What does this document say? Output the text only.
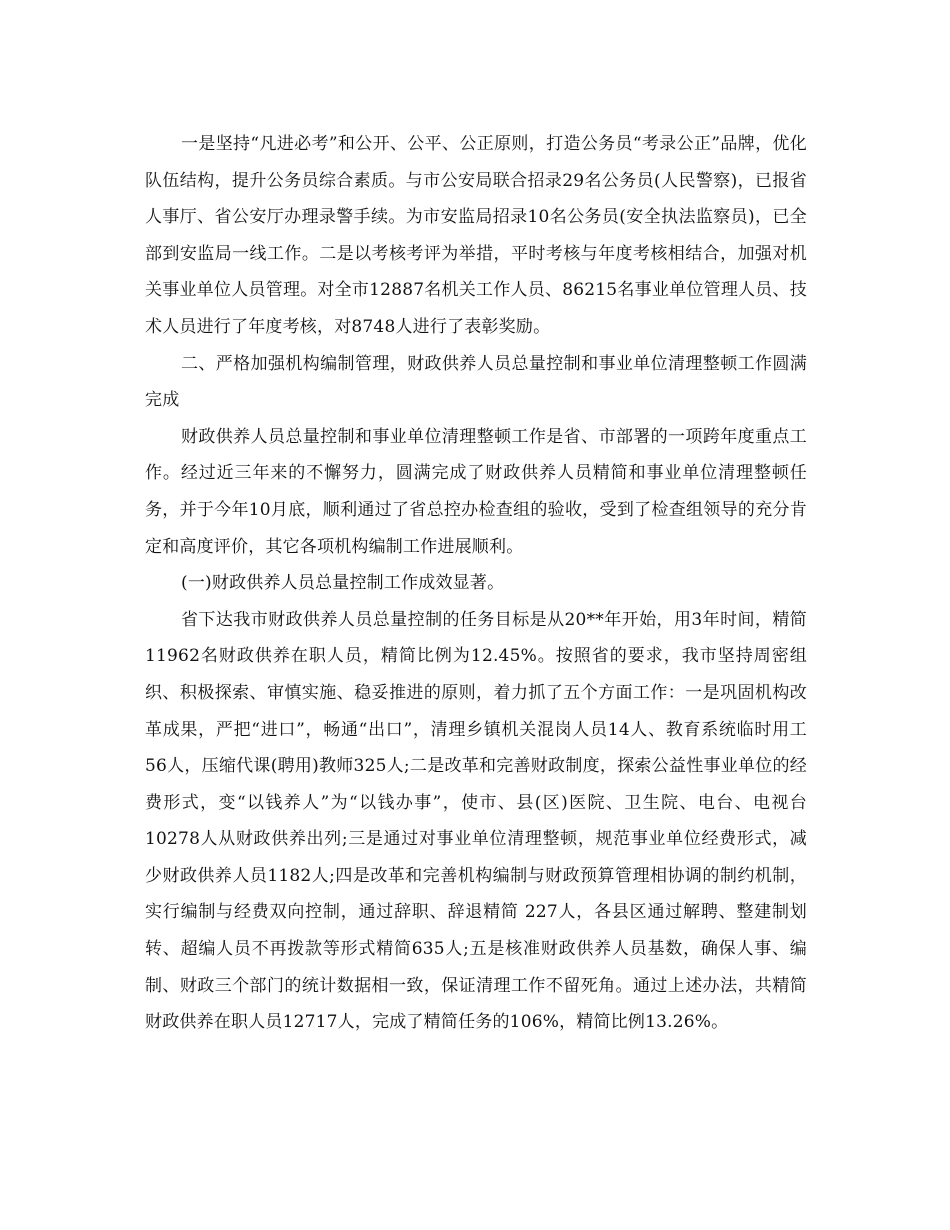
一是坚持“凡进必考”和公开、公平、公正原则，打造公务员“考录公正”品牌，优化队伍结构，提升公务员综合素质。与市公安局联合招录29名公务员(人民警察)，已报省人事厅、省公安厅办理录警手续。为市安监局招录10名公务员(安全执法监察员)，已全部到安监局一线工作。二是以考核考评为举措，平时考核与年度考核相结合，加强对机关事业单位人员管理。对全市12887名机关工作人员、86215名事业单位管理人员、技术人员进行了年度考核，对8748人进行了表彰奖励。

二、严格加强机构编制管理，财政供养人员总量控制和事业单位清理整顿工作圆满完成

财政供养人员总量控制和事业单位清理整顿工作是省、市部署的一项跨年度重点工作。经过近三年来的不懈努力，圆满完成了财政供养人员精简和事业单位清理整顿任务，并于今年10月底，顺利通过了省总控办检查组的验收，受到了检查组领导的充分肯定和高度评价，其它各项机构编制工作进展顺利。

(一)财政供养人员总量控制工作成效显著。

省下达我市财政供养人员总量控制的任务目标是从20**年开始，用3年时间，精简11962名财政供养在职人员，精简比例为12.45%。按照省的要求，我市坚持周密组织、积极探索、审慎实施、稳妥推进的原则，着力抓了五个方面工作：一是巩固机构改革成果，严把“进口”，畅通“出口”，清理乡镇机关混岗人员14人、教育系统临时用工56人，压缩代课(聘用)教师325人;二是改革和完善财政制度，探索公益性事业单位的经费形式，变“以钱养人”为“以钱办事”，使市、县(区)医院、卫生院、电台、电视台10278人从财政供养出列;三是通过对事业单位清理整顿，规范事业单位经费形式，减少财政供养人员1182人;四是改革和完善机构编制与财政预算管理相协调的制约机制，实行编制与经费双向控制，通过辞职、辞退精简 227人，各县区通过解聘、整建制划转、超编人员不再拨款等形式精简635人;五是核准财政供养人员基数，确保人事、编制、财政三个部门的统计数据相一致，保证清理工作不留死角。通过上述办法，共精简财政供养在职人员12717人，完成了精简任务的106%，精简比例13.26%。
